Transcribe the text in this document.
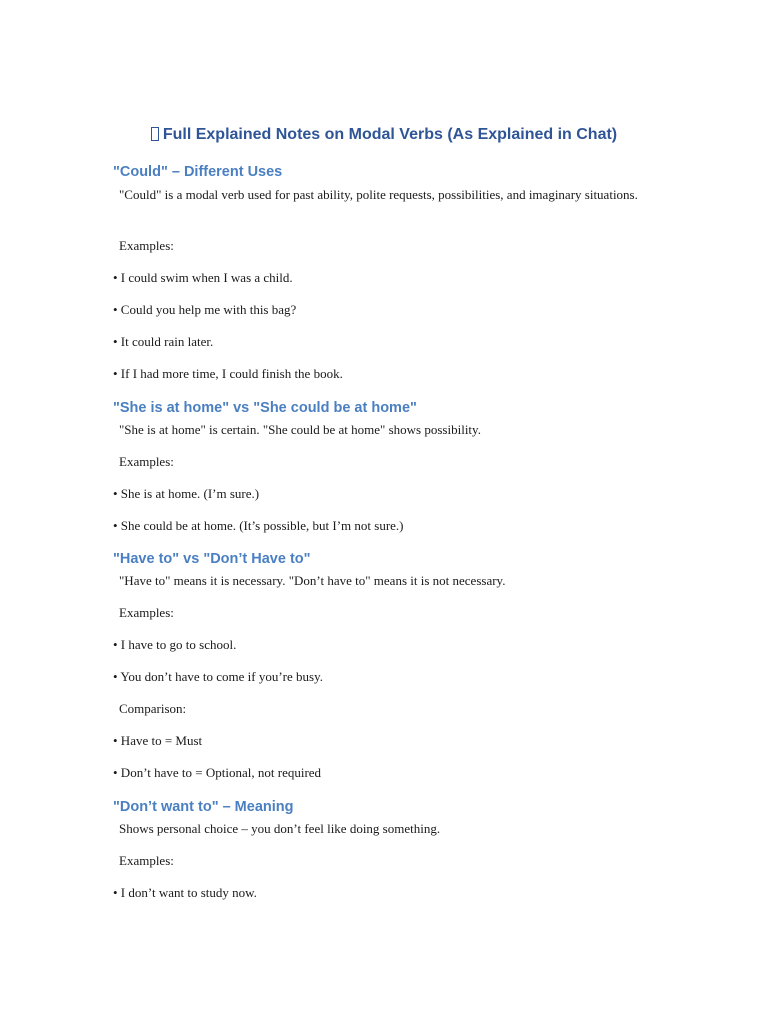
Full Explained Notes on Modal Verbs (As Explained in Chat)
"Could" – Different Uses
"Could" is a modal verb used for past ability, polite requests, possibilities, and imaginary situations.
Examples:
• I could swim when I was a child.
• Could you help me with this bag?
• It could rain later.
• If I had more time, I could finish the book.
"She is at home" vs "She could be at home"
"She is at home" is certain. "She could be at home" shows possibility.
Examples:
• She is at home. (I’m sure.)
• She could be at home. (It’s possible, but I’m not sure.)
"Have to" vs "Don’t Have to"
"Have to" means it is necessary. "Don’t have to" means it is not necessary.
Examples:
• I have to go to school.
• You don’t have to come if you’re busy.
Comparison:
• Have to = Must
• Don’t have to = Optional, not required
"Don’t want to" – Meaning
Shows personal choice – you don’t feel like doing something.
Examples:
• I don’t want to study now.
